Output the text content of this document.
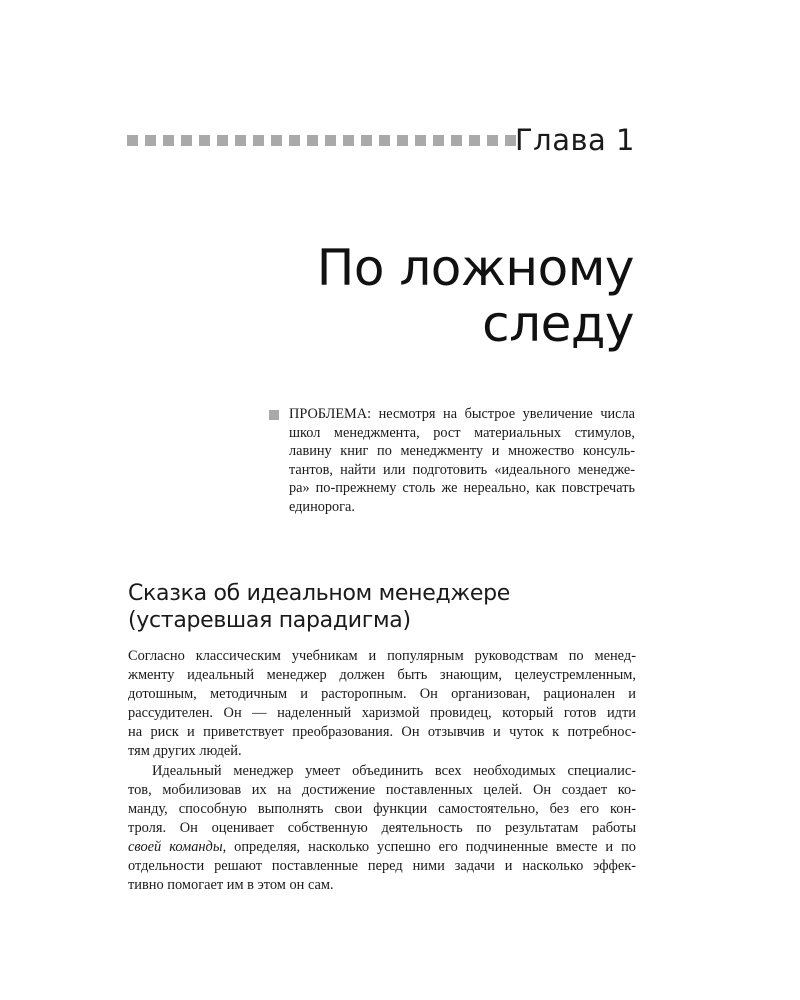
Глава 1
По ложному
следу
ПРОБЛЕМА: несмотря на быстрое увеличение числа
школ менеджмента, рост материальных стимулов,
лавину книг по менеджменту и множество консуль-
тантов, найти или подготовить «идеального менедже-
ра» по-прежнему столь же нереально, как повстречать
единорога.
Сказка об идеальном менеджере
(устаревшая парадигма)

Согласно классическим учебникам и популярным руководствам по менед-
жменту идеальный менеджер должен быть знающим, целеустремленным,
дотошным, методичным и расторопным. Он организован, рационален и
рассудителен. Он — наделенный харизмой провидец, который готов идти
на риск и приветствует преобразования. Он отзывчив и чуток к потребнос-
тям других людей.

Идеальный менеджер умеет объединить всех необходимых специалис-
тов, мобилизовав их на достижение поставленных целей. Он создает ко-
манду, способную выполнять свои функции самостоятельно, без его кон-
троля. Он оценивает собственную деятельность по результатам работы
своей команды, определяя, насколько успешно его подчиненные вместе и по
отдельности решают поставленные перед ними задачи и насколько эффек-
тивно помогает им в этом он сам.
